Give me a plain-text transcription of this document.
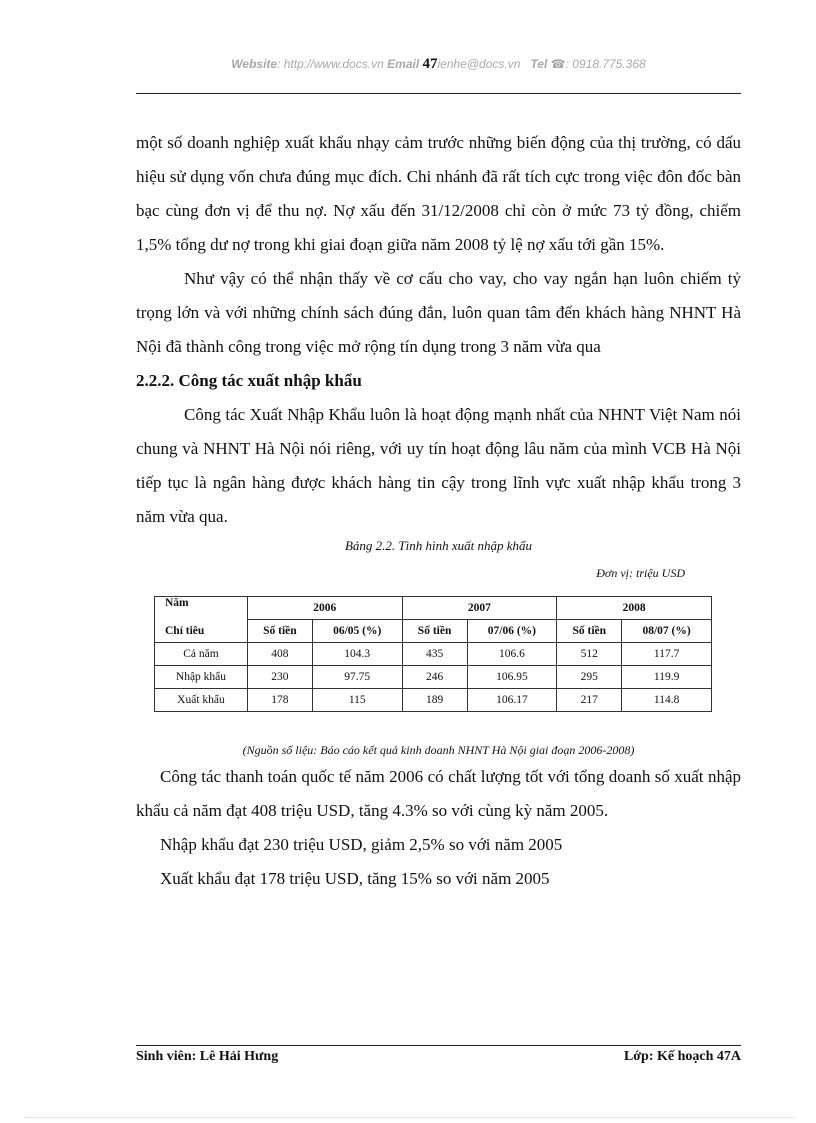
Website: http://www.docs.vn Email 47ienhe@docs.vn Tel ☎: 0918.775.368

một số doanh nghiệp xuất khẩu nhạy cảm trước những biến động của thị trường, có dấu hiệu sử dụng vốn chưa đúng mục đích. Chi nhánh đã rất tích cực trong việc đôn đốc bàn bạc cùng đơn vị để thu nợ. Nợ xấu đến 31/12/2008 chỉ còn ở mức 73 tỷ đồng, chiếm 1,5% tổng dư nợ trong khi giai đoạn giữa năm 2008 tỷ lệ nợ xấu tới gần 15%.

Như vậy có thể nhận thấy về cơ cấu cho vay, cho vay ngắn hạn luôn chiếm tỷ trọng lớn và với những chính sách đúng đắn, luôn quan tâm đến khách hàng NHNT Hà Nội đã thành công trong việc mở rộng tín dụng trong 3 năm vừa qua

2.2.2. Công tác xuất nhập khẩu

Công tác Xuất Nhập Khẩu luôn là hoạt động mạnh nhất của NHNT Việt Nam nói chung và NHNT Hà Nội nói riêng, với uy tín hoạt động lâu năm của mình VCB Hà Nội tiếp tục là ngân hàng được khách hàng tin cậy trong lĩnh vực xuất nhập khẩu trong 3 năm vừa qua.

Bảng 2.2. Tình hình xuất nhập khẩu
Đơn vị: triệu USD
Năm	2006		2007		2008	
Chỉ tiêu	Số tiền	06/05 (%)	Số tiền	07/06 (%)	Số tiền	08/07 (%)
Cả năm	408	104.3	435	106.6	512	117.7
Nhập khẩu	230	97.75	246	106.95	295	119.9
Xuất khẩu	178	115	189	106.17	217	114.8
(Nguồn số liệu: Báo cáo kết quả kinh doanh NHNT Hà Nội giai đoạn 2006-2008)

Công tác thanh toán quốc tế năm 2006 có chất lượng tốt với tổng doanh số xuất nhập khẩu cả năm đạt 408 triệu USD, tăng 4.3% so với cùng kỳ năm 2005.

Nhập khẩu đạt 230 triệu USD, giảm 2,5% so với năm 2005

Xuất khẩu đạt 178 triệu USD, tăng 15% so với năm 2005

Sinh viên: Lê Hải Hưng	Lớp: Kế hoạch 47A
